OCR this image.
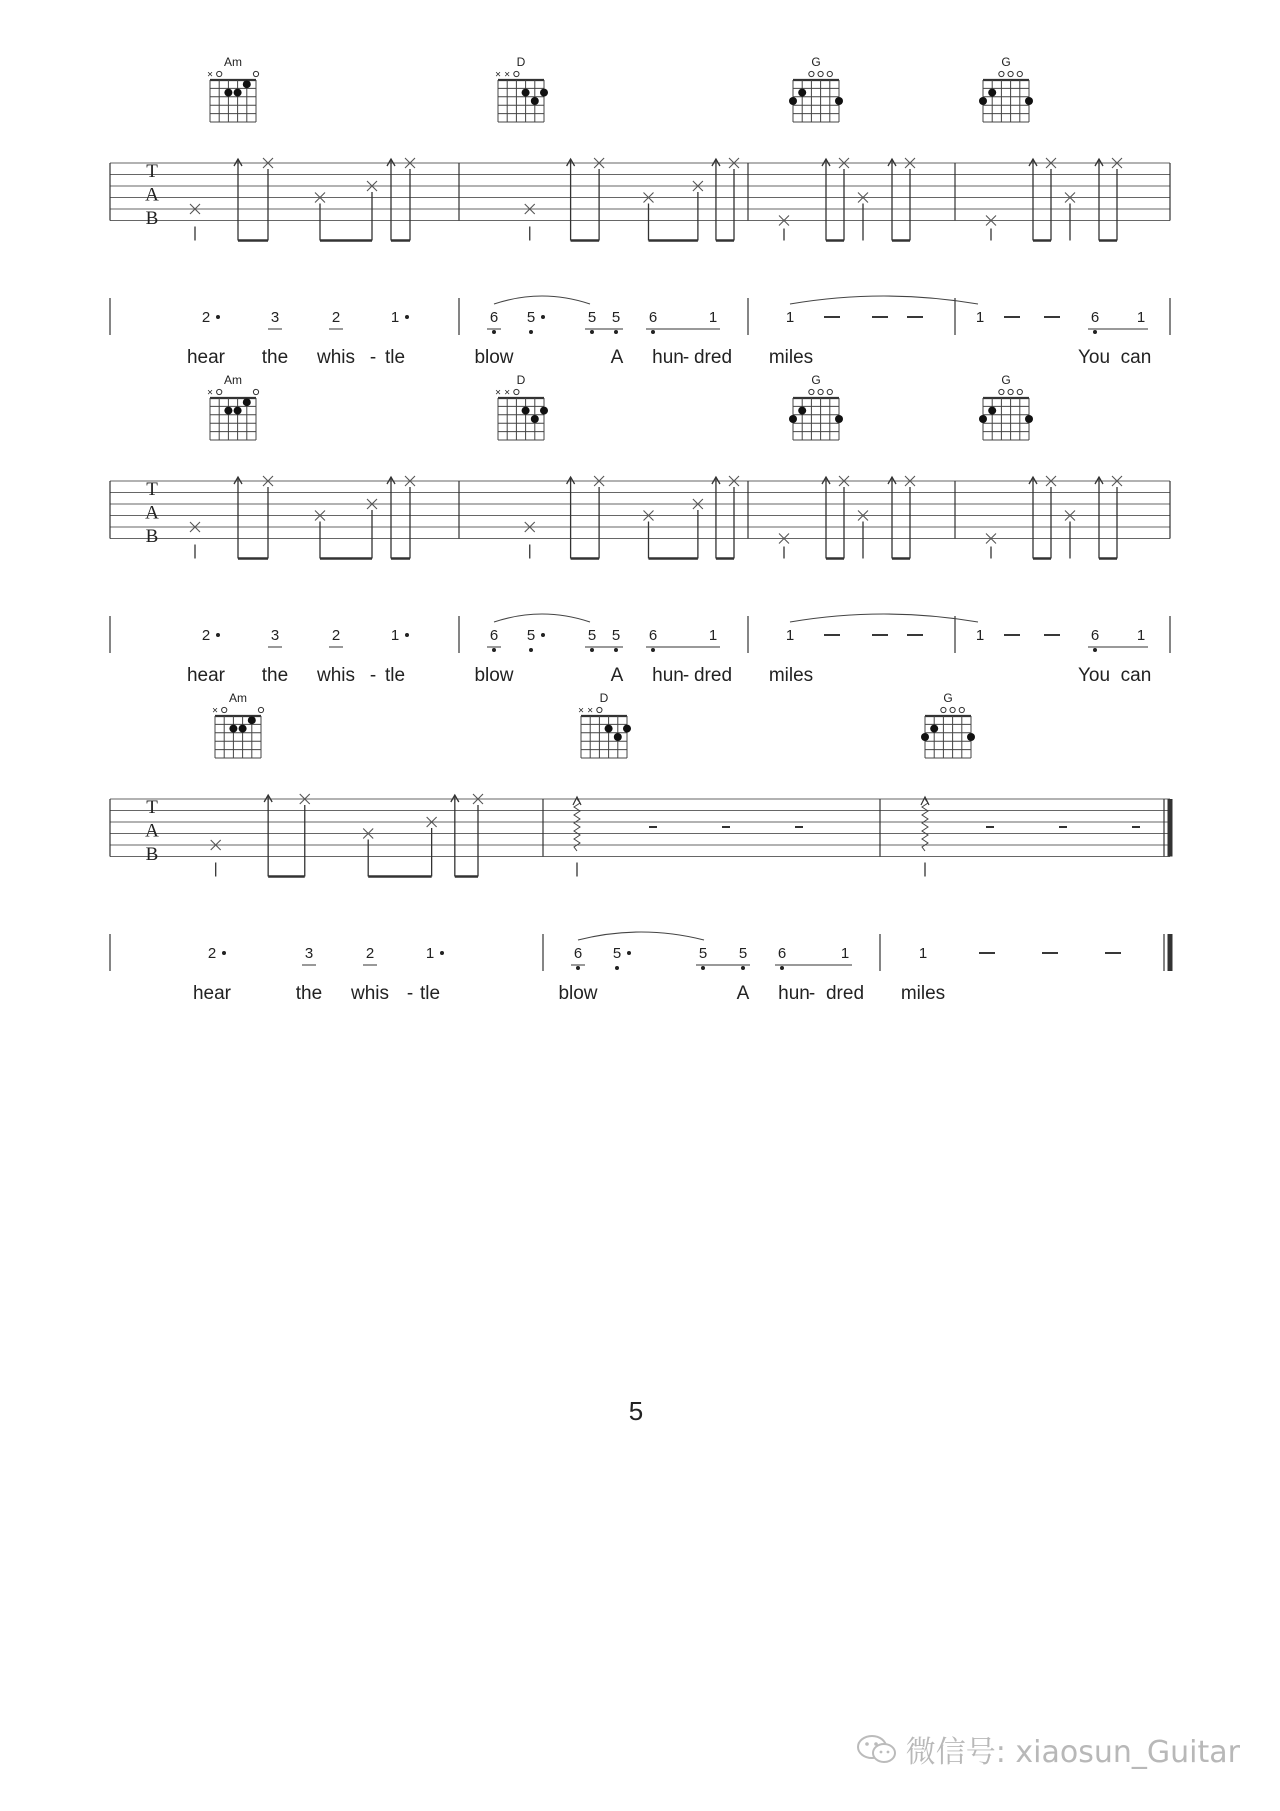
Am
×
D
× ×
G	G
T
A
B
2	3	2	1	6 5	5 5 6	1	1	1	6	1
hear the whis - tle	blow	A hun
- dred miles	You can
Am
×
D
× ×
G	G
T
A
B
2	3	2	1	6 5	5 5 6	1	1	1	6	1
hear the whis - tle	blow	A hun
- dred miles	You can
Am
×
D
× ×
G
T
A
B
2	3	2	1	6 5	5 5 6	1	1
hear	the whis - tle	blow	A hun
- dred miles
5
微信号: xiaosun_Guitar
